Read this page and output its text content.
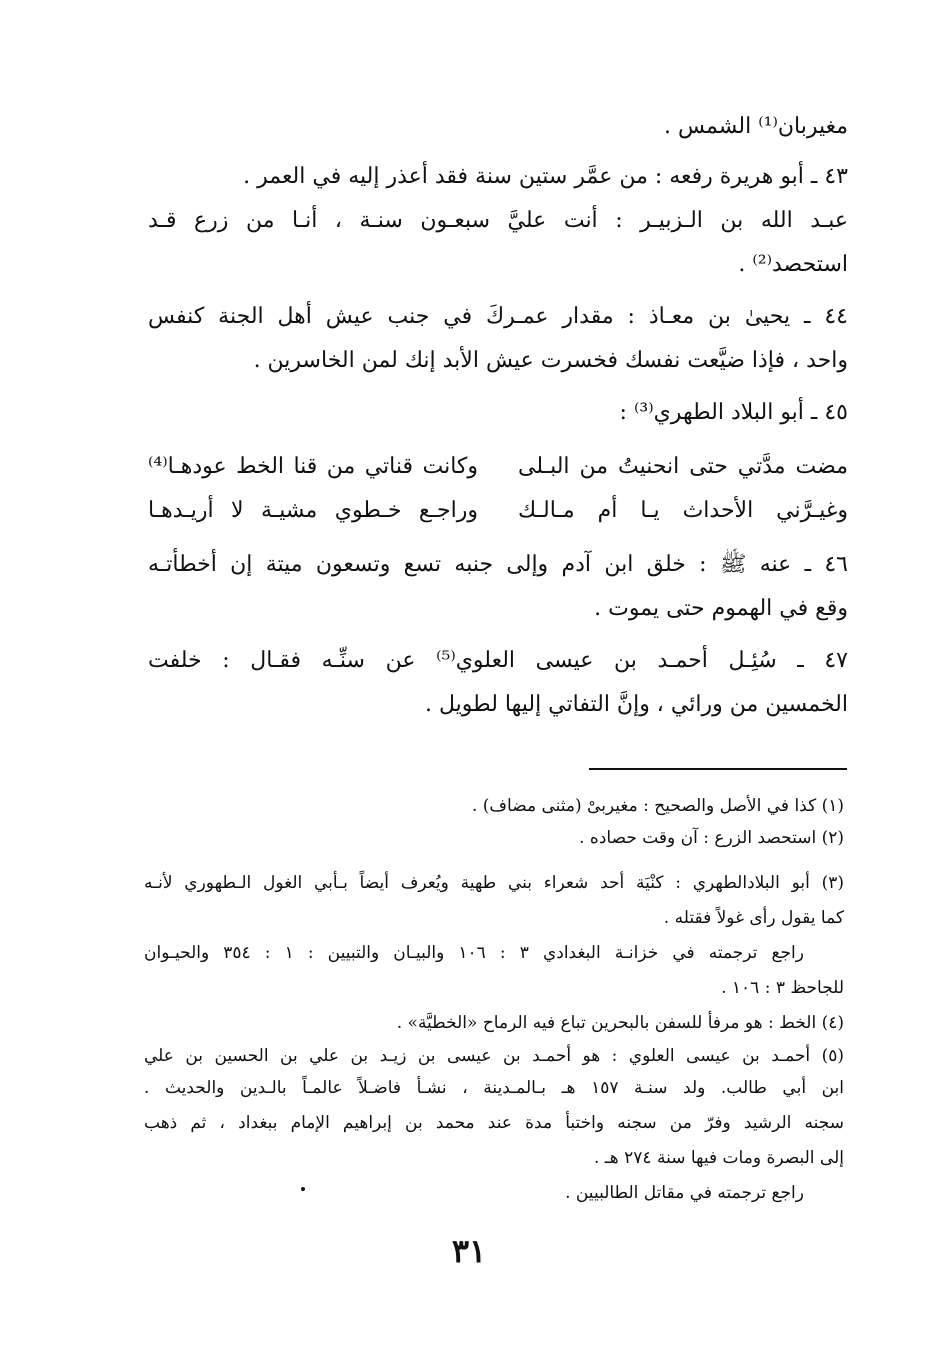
مغيربان⁽¹⁾ الشمس .

٤٣ ـ أبو هريرة رفعه : من عمَّر ستين سنة فقد أعذر إليه في العمر .

عبـد الله بن الـزبيـر : أنت عليَّ سبعـون سنـة ، أنـا من زرع قـد

استحصد⁽²⁾ .

٤٤ ـ يحيىٰ بن معـاذ : مقدار عمـركَ في جنب عيش أهل الجنة كنفس

واحد ، فإذا ضيَّعت نفسك فخسرت عيش الأبد إنك لمن الخاسرين .

٤٥ ـ أبو البلاد الطهري⁽³⁾ :

مضت مدَّتي حتى انحنيتُ من البـلى
وكانت قناتي من قنا الخط عودهـا⁽⁴⁾
وغيـرَّني الأحداث يـا أم مـالـك
وراجـع خـطوي مشيـة لا أريـدهـا

٤٦ ـ عنه ﷺ : خلق ابن آدم وإلى جنبه تسع وتسعون ميتة إن أخطأتـه

وقع في الهموم حتى يموت .

٤٧ ـ سُئِـل أحمـد بن عيسى العلوي⁽⁵⁾ عن سنِّـه فقـال : خلفت

الخمسين من ورائي ، وإنَّ التفاتي إليها لطويل .

(١) كذا في الأصل والصحيح : مغيربىْ (مثنى مضاف) .

(٢) استحصد الزرع : آن وقت حصاده .

(٣) أبو البلادالطهري : كنْيَة أحد شعراء بني طهية ويُعرف أيضاً بـأبي الغول الـطهوري لأنـه

كما يقول رأى غولاً فقتله .

راجع ترجمته في خزانـة البغدادي ٣ : ١٠٦ والبيـان والتبيين : ١ : ٣٥٤ والحيـوان

للجاحظ ٣ : ١٠٦ .

(٤) الخط : هو مرفأ للسفن بالبحرين تباع فيه الرماح «الخطيَّة» .

(٥) أحمـد بن عيسى العلوي : هو أحمـد بن عيسى بن زيـد بن علي بن الحسين بن علي

ابن أبي طالب. ولد سنـة ١٥٧ هـ بـالمـدينة ، نشـأ فاضـلاً عالمـاً بالـدين والحديث .

سجنه الرشيد وفرّ من سجنه واختبأ مدة عند محمد بن إبراهيم الإمام ببغداد ، ثم ذهب

إلى البصرة ومات فيها سنة ٢٧٤ هـ .

راجع ترجمته في مقاتل الطالبيين .

٣١
